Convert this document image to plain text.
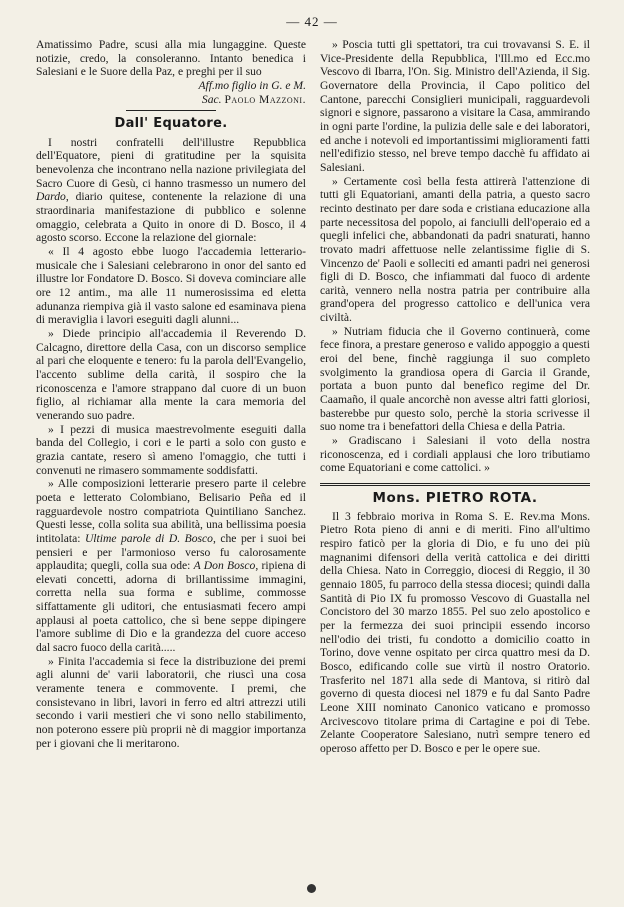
— 42 —

Amatissimo Padre, scusi alla mia lungaggine. Queste notizie, credo, la consoleranno. Intanto benedica i Salesiani e le Suore della Paz, e preghi per il suo

Aff.mo figlio in G. e M.

Sac. Paolo Mazzoni.

Dall' Equatore.

I nostri confratelli dell'illustre Repubblica dell'Equatore, pieni di gratitudine per la squisita benevolenza che incontrano nella nazione privilegiata del Sacro Cuore di Gesù, ci hanno trasmesso un numero del Dardo, diario quitese, contenente la relazione di una straordinaria manifestazione di pubblico e solenne omaggio, celebrata a Quito in onore di D. Bosco, il 4 agosto scorso. Eccone la relazione del giornale:

« Il 4 agosto ebbe luogo l'accademia letterario-musicale che i Salesiani celebrarono in onor del santo ed illustre lor Fondatore D. Bosco. Si doveva cominciare alle ore 12 antim., ma alle 11 numerosissima ed eletta adunanza riempiva già il vasto salone ed esaminava piena di meraviglia i lavori eseguiti dagli alunni...

» Diede principio all'accademia il Reverendo D. Calcagno, direttore della Casa, con un discorso semplice al pari che eloquente e tenero: fu la parola dell'Evangelio, l'accento sublime della carità, il sospiro che la riconoscenza e l'amore strappano dal cuore di un buon figlio, al richiamar alla mente la cara memoria del venerando suo padre.

» I pezzi di musica maestrevolmente eseguiti dalla banda del Collegio, i cori e le parti a solo con gusto e grazia cantate, resero sì ameno l'omaggio, che tutti i convenuti ne rimasero sommamente soddisfatti.

» Alle composizioni letterarie presero parte il celebre poeta e letterato Colombiano, Belisario Peña ed il ragguardevole nostro compatriota Quintiliano Sanchez. Questi lesse, colla solita sua abilità, una bellissima poesia intitolata: Ultime parole di D. Bosco, che per i suoi bei pensieri e per l'armonioso verso fu calorosamente applaudita; quegli, colla sua ode: A Don Bosco, ripiena di elevati concetti, adorna di brillantissime immagini, corretta nella sua forma e sublime, commosse siffattamente gli uditori, che entusiasmati fecero ampi applausi al poeta cattolico, che sì bene seppe dipingere l'amore sublime di Dio e la grandezza del cuore acceso dal sacro fuoco della carità.....

» Finita l'accademia si fece la distribuzione dei premi agli alunni de' varii laboratorii, che riuscì una cosa veramente tenera e commovente. I premi, che consistevano in libri, lavori in ferro ed altri attrezzi utili secondo i varii mestieri che vi sono nello stabilimento, non poterono essere più proprii nè di maggior importanza per i giovani che li meritarono.

» Poscia tutti gli spettatori, tra cui trovavansi S. E. il Vice-Presidente della Repubblica, l'Ill.mo ed Ecc.mo Vescovo di Ibarra, l'On. Sig. Ministro dell'Azienda, il Sig. Governatore della Provincia, il Capo politico del Cantone, parecchi Consiglieri municipali, ragguardevoli signori e signore, passarono a visitare la Casa, ammirando in ogni parte l'ordine, la pulizia delle sale e dei laboratori, ed anche i notevoli ed importantissimi miglioramenti fatti nell'edifizio stesso, nel breve tempo dacchè fu affidato ai Salesiani.

» Certamente così bella festa attirerà l'attenzione di tutti gli Equatoriani, amanti della patria, a questo sacro recinto destinato per dare soda e cristiana educazione alla parte necessitosa del popolo, ai fanciulli dell'operaio ed a quegli infelici che, abbandonati da padri snaturati, hanno trovato madri affettuose nelle zelantissime figlie di S. Vincenzo de' Paoli e solleciti ed amanti padri nei generosi figli di D. Bosco, che infiammati dal fuoco di ardente carità, vennero nella nostra patria per contribuire alla grand'opera del progresso cattolico e dell'unica vera civiltà.

» Nutriam fiducia che il Governo continuerà, come fece finora, a prestare generoso e valido appoggio a questi eroi del bene, finchè raggiunga il suo completo svolgimento la grandiosa opera di Garcia il Grande, portata a buon punto dal benefico regime del Dr. Caamaño, il quale ancorchè non avesse altri fatti gloriosi, basterebbe pur questo solo, perchè la storia scrivesse il suo nome tra i benefattori della Chiesa e della Patria.

» Gradiscano i Salesiani il voto della nostra riconoscenza, ed i cordiali applausi che loro tributiamo come Equatoriani e come cattolici. »

Mons. PIETRO ROTA.

Il 3 febbraio moriva in Roma S. E. Rev.ma Mons. Pietro Rota pieno di anni e di meriti. Fino all'ultimo respiro faticò per la gloria di Dio, e fu uno dei più magnanimi difensori della verità cattolica e dei diritti della Chiesa. Nato in Correggio, diocesi di Reggio, il 30 gennaio 1805, fu parroco della stessa diocesi; quindi dalla Santità di Pio IX fu promosso Vescovo di Guastalla nel Concistoro del 30 marzo 1855. Pel suo zelo apostolico e per la fermezza dei suoi principii essendo incorso nell'odio dei tristi, fu condotto a domicilio coatto in Torino, dove venne ospitato per circa quattro mesi da D. Bosco, edificando colle sue virtù il nostro Oratorio. Trasferito nel 1871 alla sede di Mantova, si ritirò dal governo di questa diocesi nel 1879 e fu dal Santo Padre Leone XIII nominato Canonico vaticano e promosso Arcivescovo titolare prima di Cartagine e poi di Tebe. Zelante Cooperatore Salesiano, nutrì sempre tenero ed operoso affetto per D. Bosco e per le opere sue.
